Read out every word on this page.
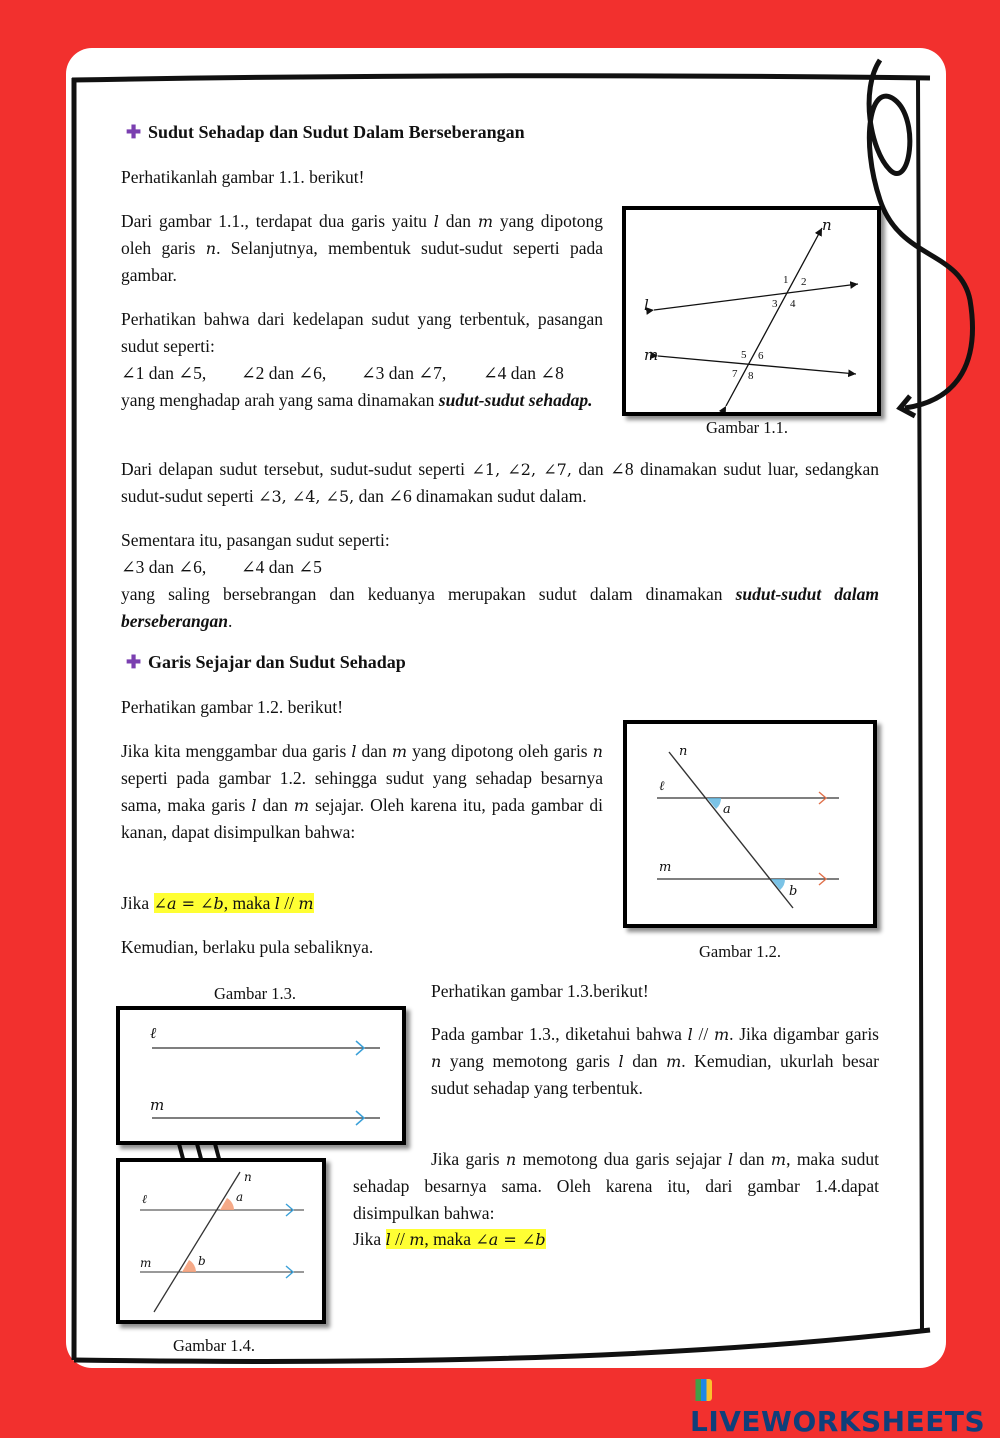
✚ Sudut Sehadap dan Sudut Dalam Berseberangan

Perhatikanlah gambar 1.1. berikut!

Dari gambar 1.1., terdapat dua garis yaitu l dan m yang dipotong oleh garis n. Selanjutnya, membentuk sudut-sudut seperti pada gambar.

Perhatikan bahwa dari kedelapan sudut yang terbentuk, pasangan sudut seperti:
∠1 dan ∠5, ∠2 dan ∠6, ∠3 dan ∠7, ∠4 dan ∠8
yang menghadap arah yang sama dinamakan sudut-sudut sehadap.

n
l
m
1 2
3 4
5 6
7 8
Gambar 1.1.

Dari delapan sudut tersebut, sudut-sudut seperti ∠1, ∠2, ∠7, dan ∠8 dinamakan sudut luar, sedangkan sudut-sudut seperti ∠3, ∠4, ∠5, dan ∠6 dinamakan sudut dalam.

Sementara itu, pasangan sudut seperti:
∠3 dan ∠6, ∠4 dan ∠5
yang saling bersebrangan dan keduanya merupakan sudut dalam dinamakan sudut-sudut dalam berseberangan.

✚ Garis Sejajar dan Sudut Sehadap

Perhatikan gambar 1.2. berikut!

Jika kita menggambar dua garis l dan m yang dipotong oleh garis n seperti pada gambar 1.2. sehingga sudut yang sehadap besarnya sama, maka garis l dan m sejajar. Oleh karena itu, pada gambar di kanan, dapat disimpulkan bahwa:

Jika ∠a = ∠b, maka l // m

Kemudian, berlaku pula sebaliknya.

n
ℓ
m
a
b
Gambar 1.2.
Gambar 1.3.
ℓ
m

Perhatikan gambar 1.3.berikut!

Pada gambar 1.3., diketahui bahwa l // m. Jika digambar garis n yang memotong garis l dan m. Kemudian, ukurlah besar sudut sehadap yang terbentuk.

Jika garis n memotong dua garis sejajar l dan m, maka sudut sehadap besarnya sama. Oleh karena itu, dari gambar 1.4.dapat disimpulkan bahwa:

Jika l // m, maka ∠a = ∠b

n
ℓ
m
a
b
Gambar 1.4.
LIVEWORKSHEETS
